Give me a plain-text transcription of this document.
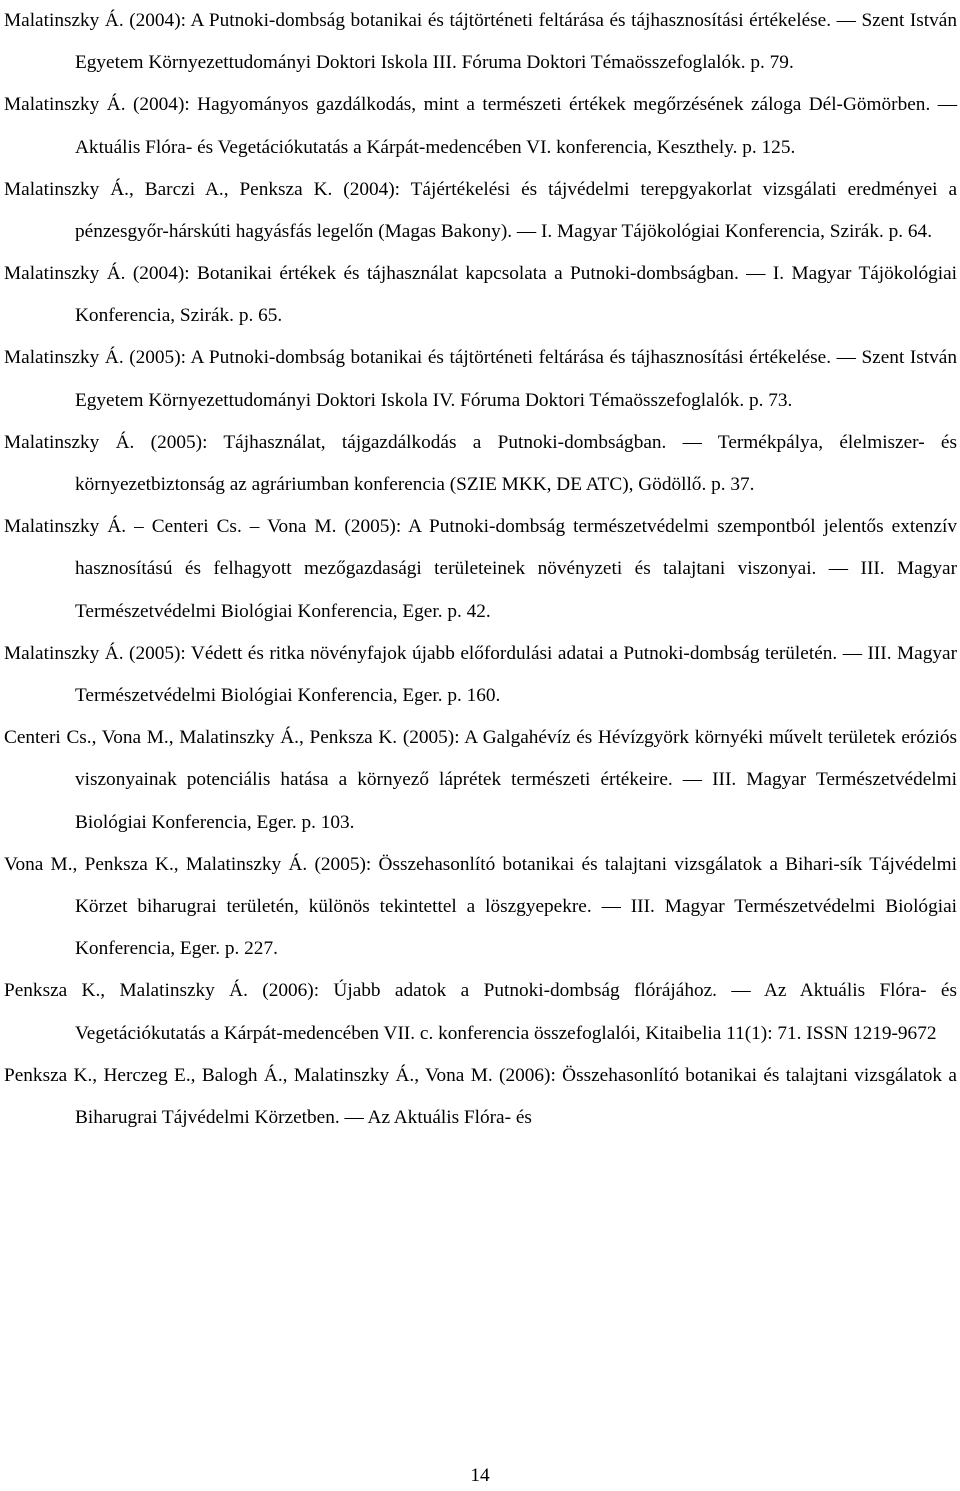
Malatinszky Á. (2004): A Putnoki-dombság botanikai és tájtörténeti feltárása és tájhasznosítási értékelése. — Szent István Egyetem Környezettudományi Doktori Iskola III. Fóruma Doktori Témaösszefoglalók. p. 79.
Malatinszky Á. (2004): Hagyományos gazdálkodás, mint a természeti értékek megőrzésének záloga Dél-Gömörben. — Aktuális Flóra- és Vegetációkutatás a Kárpát-medencében VI. konferencia, Keszthely. p. 125.
Malatinszky Á., Barczi A., Penksza K. (2004): Tájértékelési és tájvédelmi terepgyakorlat vizsgálati eredményei a pénzesgyőr-hárskúti hagyásfás legelőn (Magas Bakony). — I. Magyar Tájökológiai Konferencia, Szirák. p. 64.
Malatinszky Á. (2004): Botanikai értékek és tájhasználat kapcsolata a Putnoki-dombságban. — I. Magyar Tájökológiai Konferencia, Szirák. p. 65.
Malatinszky Á. (2005): A Putnoki-dombság botanikai és tájtörténeti feltárása és tájhasznosítási értékelése. — Szent István Egyetem Környezettudományi Doktori Iskola IV. Fóruma Doktori Témaösszefoglalók. p. 73.
Malatinszky Á. (2005): Tájhasználat, tájgazdálkodás a Putnoki-dombságban. — Termékpálya, élelmiszer- és környezetbiztonság az agráriumban konferencia (SZIE MKK, DE ATC), Gödöllő. p. 37.
Malatinszky Á. – Centeri Cs. – Vona M. (2005): A Putnoki-dombság természetvédelmi szempontból jelentős extenzív hasznosítású és felhagyott mezőgazdasági területeinek növényzeti és talajtani viszonyai. — III. Magyar Természetvédelmi Biológiai Konferencia, Eger. p. 42.
Malatinszky Á. (2005): Védett és ritka növényfajok újabb előfordulási adatai a Putnoki-dombság területén. — III. Magyar Természetvédelmi Biológiai Konferencia, Eger. p. 160.
Centeri Cs., Vona M., Malatinszky Á., Penksza K. (2005): A Galgahévíz és Hévízgyörk környéki művelt területek eróziós viszonyainak potenciális hatása a környező láprétek természeti értékeire. — III. Magyar Természetvédelmi Biológiai Konferencia, Eger. p. 103.
Vona M., Penksza K., Malatinszky Á. (2005): Összehasonlító botanikai és talajtani vizsgálatok a Bihari-sík Tájvédelmi Körzet biharugrai területén, különös tekintettel a löszgyepekre. — III. Magyar Természetvédelmi Biológiai Konferencia, Eger. p. 227.
Penksza K., Malatinszky Á. (2006): Újabb adatok a Putnoki-dombság flórájához. — Az Aktuális Flóra- és Vegetációkutatás a Kárpát-medencében VII. c. konferencia összefoglalói, Kitaibelia 11(1): 71. ISSN 1219-9672
Penksza K., Herczeg E., Balogh Á., Malatinszky Á., Vona M. (2006): Összehasonlító botanikai és talajtani vizsgálatok a Biharugrai Tájvédelmi Körzetben. — Az Aktuális Flóra- és
14
